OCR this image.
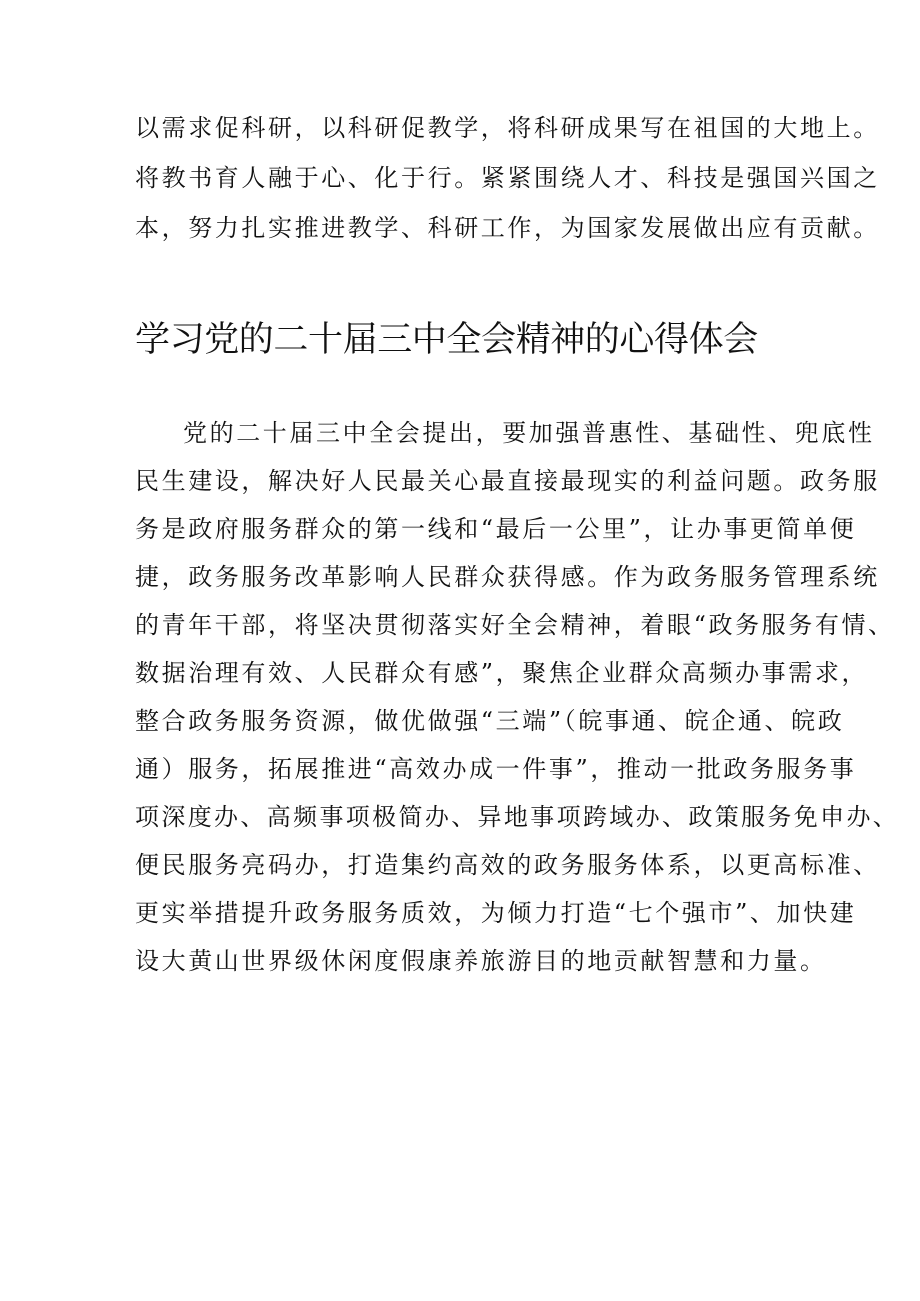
以需求促科研，以科研促教学，将科研成果写在祖国的大地上。
将教书育人融于心、化于行。紧紧围绕人才、科技是强国兴国之
本，努力扎实推进教学、科研工作，为国家发展做出应有贡献。
学习党的二十届三中全会精神的心得体会
党的二十届三中全会提出，要加强普惠性、基础性、兜底性
民生建设，解决好人民最关心最直接最现实的利益问题。政务服
务是政府服务群众的第一线和“最后一公里”，让办事更简单便
捷，政务服务改革影响人民群众获得感。作为政务服务管理系统
的青年干部，将坚决贯彻落实好全会精神，着眼“政务服务有情、
数据治理有效、人民群众有感”，聚焦企业群众高频办事需求，
整合政务服务资源，做优做强“三端”（皖事通、皖企通、皖政
通）服务，拓展推进“高效办成一件事”，推动一批政务服务事
项深度办、高频事项极简办、异地事项跨域办、政策服务免申办、
便民服务亮码办，打造集约高效的政务服务体系，以更高标准、
更实举措提升政务服务质效，为倾力打造“七个强市”、加快建
设大黄山世界级休闲度假康养旅游目的地贡献智慧和力量。
